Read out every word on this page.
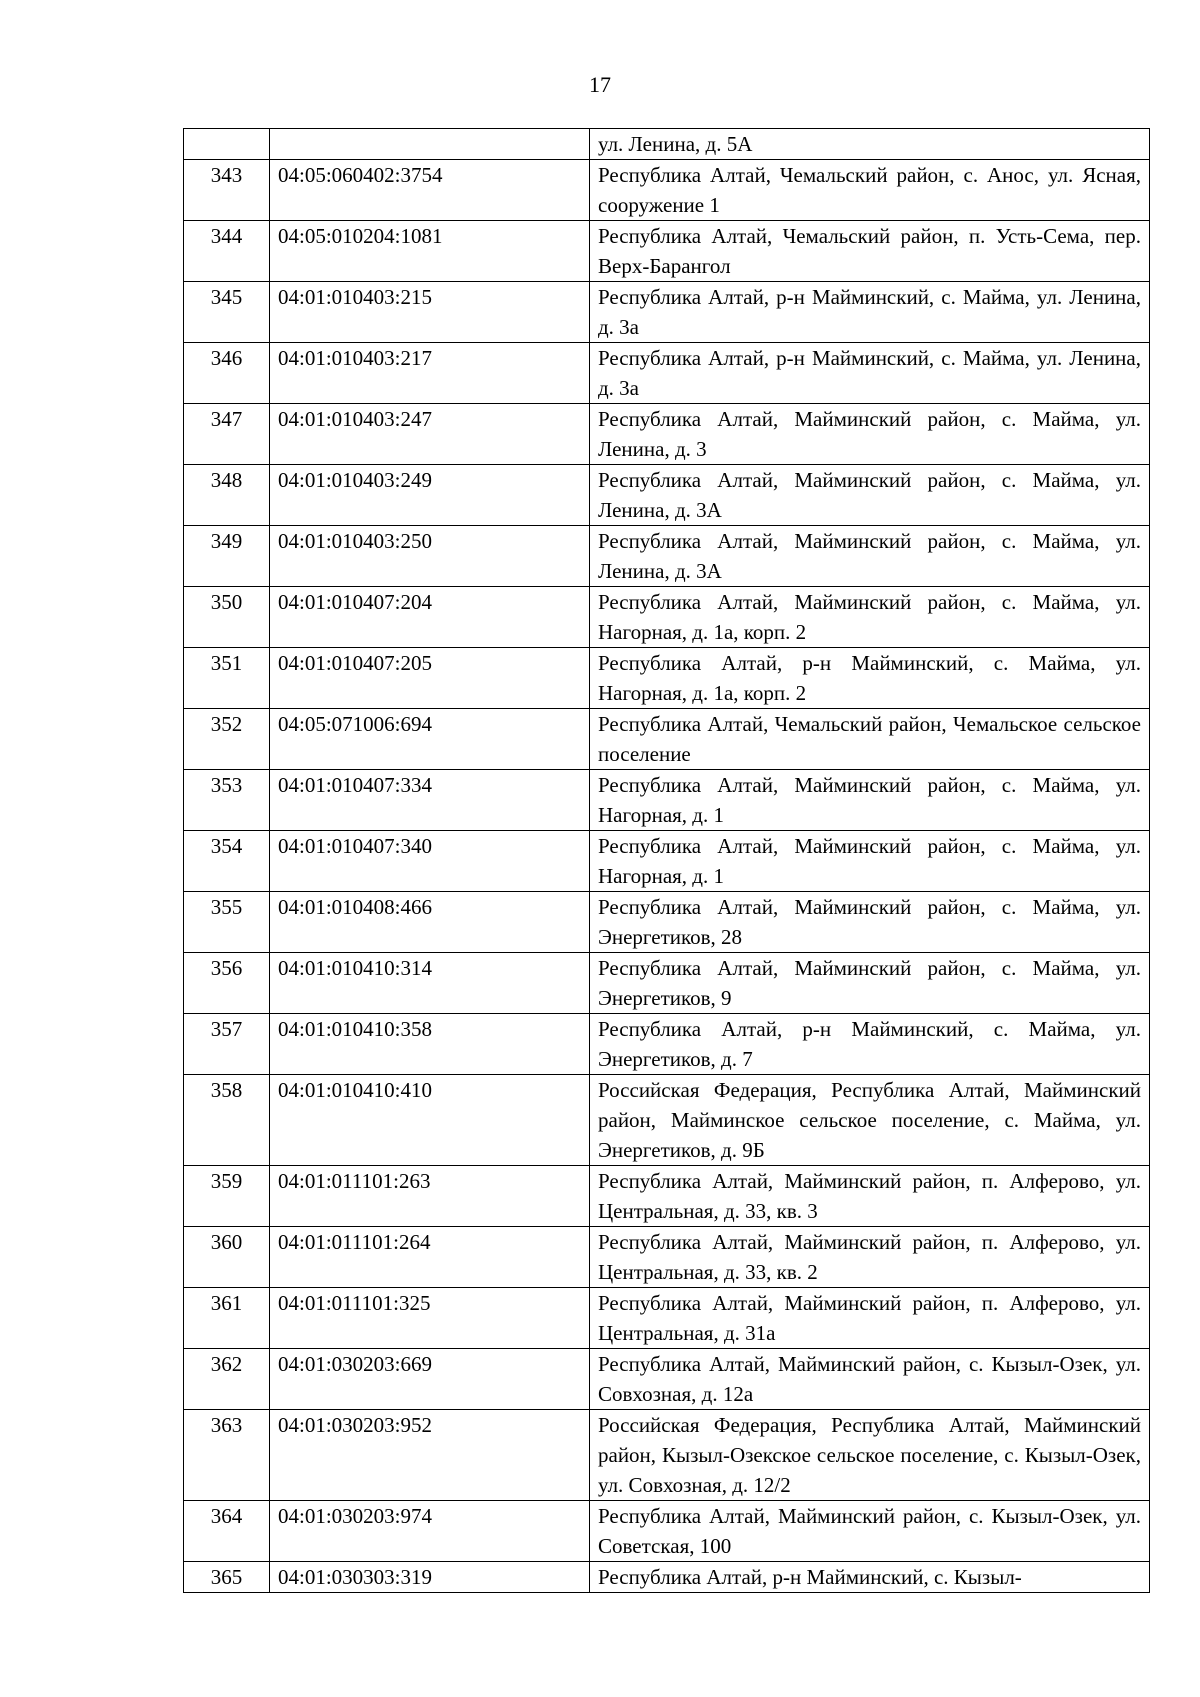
17
		ул. Ленина, д. 5А
343	04:05:060402:3754	Республика Алтай, Чемальский район, с. Анос, ул. Ясная, сооружение 1
344	04:05:010204:1081	Республика Алтай, Чемальский район, п. Усть-Сема, пер. Верх-Барангол
345	04:01:010403:215	Республика Алтай, р-н Майминский, с. Майма, ул. Ленина, д. 3а
346	04:01:010403:217	Республика Алтай, р-н Майминский, с. Майма, ул. Ленина, д. 3а
347	04:01:010403:247	Республика Алтай, Майминский район, с. Майма, ул. Ленина, д. 3
348	04:01:010403:249	Республика Алтай, Майминский район, с. Майма, ул. Ленина, д. 3А
349	04:01:010403:250	Республика Алтай, Майминский район, с. Майма, ул. Ленина, д. 3А
350	04:01:010407:204	Республика Алтай, Майминский район, с. Майма, ул. Нагорная, д. 1а, корп. 2
351	04:01:010407:205	Республика Алтай, р-н Майминский, с. Майма, ул. Нагорная, д. 1а, корп. 2
352	04:05:071006:694	Республика Алтай, Чемальский район, Чемальское сельское поселение
353	04:01:010407:334	Республика Алтай, Майминский район, с. Майма, ул. Нагорная, д. 1
354	04:01:010407:340	Республика Алтай, Майминский район, с. Майма, ул. Нагорная, д. 1
355	04:01:010408:466	Республика Алтай, Майминский район, с. Майма, ул. Энергетиков, 28
356	04:01:010410:314	Республика Алтай, Майминский район, с. Майма, ул. Энергетиков, 9
357	04:01:010410:358	Республика Алтай, р-н Майминский, с. Майма, ул. Энергетиков, д. 7
358	04:01:010410:410	Российская Федерация, Республика Алтай, Майминский район, Майминское сельское поселение, с. Майма, ул. Энергетиков, д. 9Б
359	04:01:011101:263	Республика Алтай, Майминский район, п. Алферово, ул. Центральная, д. 33, кв. 3
360	04:01:011101:264	Республика Алтай, Майминский район, п. Алферово, ул. Центральная, д. 33, кв. 2
361	04:01:011101:325	Республика Алтай, Майминский район, п. Алферово, ул. Центральная, д. 31а
362	04:01:030203:669	Республика Алтай, Майминский район, с. Кызыл-Озек, ул. Совхозная, д. 12а
363	04:01:030203:952	Российская Федерация, Республика Алтай, Майминский район, Кызыл-Озекское сельское поселение, с. Кызыл-Озек, ул. Совхозная, д. 12/2
364	04:01:030203:974	Республика Алтай, Майминский район, с. Кызыл-Озек, ул. Советская, 100
365	04:01:030303:319	Республика Алтай, р-н Майминский, с. Кызыл-
